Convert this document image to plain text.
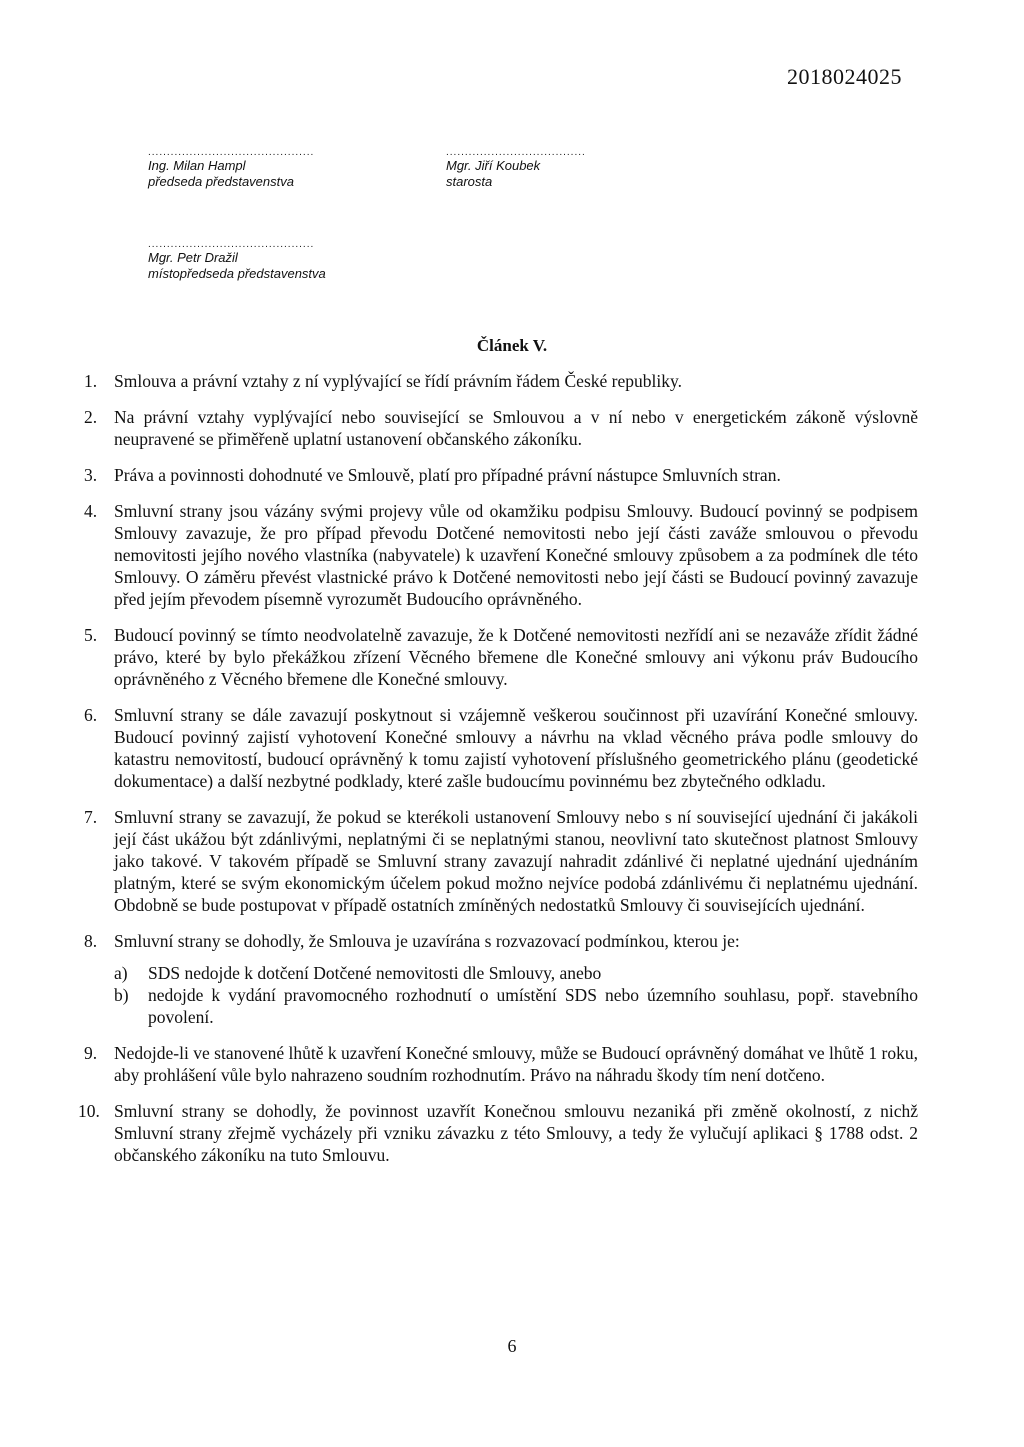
2018024025
............................................
Ing. Milan Hampl
předseda představenstva
.....................................
Mgr. Jiří Koubek
starosta
............................................
Mgr. Petr Dražil
místopředseda představenstva
Článek V.
1. Smlouva a právní vztahy z ní vyplývající se řídí právním řádem České republiky.
2. Na právní vztahy vyplývající nebo související se Smlouvou a v ní nebo v energetickém zákoně výslovně neupravené se přiměřeně uplatní ustanovení občanského zákoníku.
3. Práva a povinnosti dohodnuté ve Smlouvě, platí pro případné právní nástupce Smluvních stran.
4. Smluvní strany jsou vázány svými projevy vůle od okamžiku podpisu Smlouvy. Budoucí povinný se podpisem Smlouvy zavazuje, že pro případ převodu Dotčené nemovitosti nebo její části zaváže smlouvou o převodu nemovitosti jejího nového vlastníka (nabyvatele) k uzavření Konečné smlouvy způsobem a za podmínek dle této Smlouvy. O záměru převést vlastnické právo k Dotčené nemovitosti nebo její části se Budoucí povinný zavazuje před jejím převodem písemně vyrozumět Budoucího oprávněného.
5. Budoucí povinný se tímto neodvolatelně zavazuje, že k Dotčené nemovitosti nezřídí ani se nezaváže zřídit žádné právo, které by bylo překážkou zřízení Věcného břemene dle Konečné smlouvy ani výkonu práv Budoucího oprávněného z Věcného břemene dle Konečné smlouvy.
6. Smluvní strany se dále zavazují poskytnout si vzájemně veškerou součinnost při uzavírání Konečné smlouvy. Budoucí povinný zajistí vyhotovení Konečné smlouvy a návrhu na vklad věcného práva podle smlouvy do katastru nemovitostí, budoucí oprávněný k tomu zajistí vyhotovení příslušného geometrického plánu (geodetické dokumentace) a další nezbytné podklady, které zašle budoucímu povinnému bez zbytečného odkladu.
7. Smluvní strany se zavazují, že pokud se kterékoli ustanovení Smlouvy nebo s ní související ujednání či jakákoli její část ukážou být zdánlivými, neplatnými či se neplatnými stanou, neovlivní tato skutečnost platnost Smlouvy jako takové. V takovém případě se Smluvní strany zavazují nahradit zdánlivé či neplatné ujednání ujednáním platným, které se svým ekonomickým účelem pokud možno nejvíce podobá zdánlivému či neplatnému ujednání. Obdobně se bude postupovat v případě ostatních zmíněných nedostatků Smlouvy či souvisejících ujednání.
8. Smluvní strany se dohodly, že Smlouva je uzavírána s rozvazovací podmínkou, kterou je:
a) SDS nedojde k dotčení Dotčené nemovitosti dle Smlouvy, anebo
b) nedojde k vydání pravomocného rozhodnutí o umístění SDS nebo územního souhlasu, popř. stavebního povolení.
9. Nedojde-li ve stanovené lhůtě k uzavření Konečné smlouvy, může se Budoucí oprávněný domáhat ve lhůtě 1 roku, aby prohlášení vůle bylo nahrazeno soudním rozhodnutím. Právo na náhradu škody tím není dotčeno.
10. Smluvní strany se dohodly, že povinnost uzavřít Konečnou smlouvu nezaniká při změně okolností, z nichž Smluvní strany zřejmě vycházely při vzniku závazku z této Smlouvy, a tedy že vylučují aplikaci § 1788 odst. 2 občanského zákoníku na tuto Smlouvu.
6
